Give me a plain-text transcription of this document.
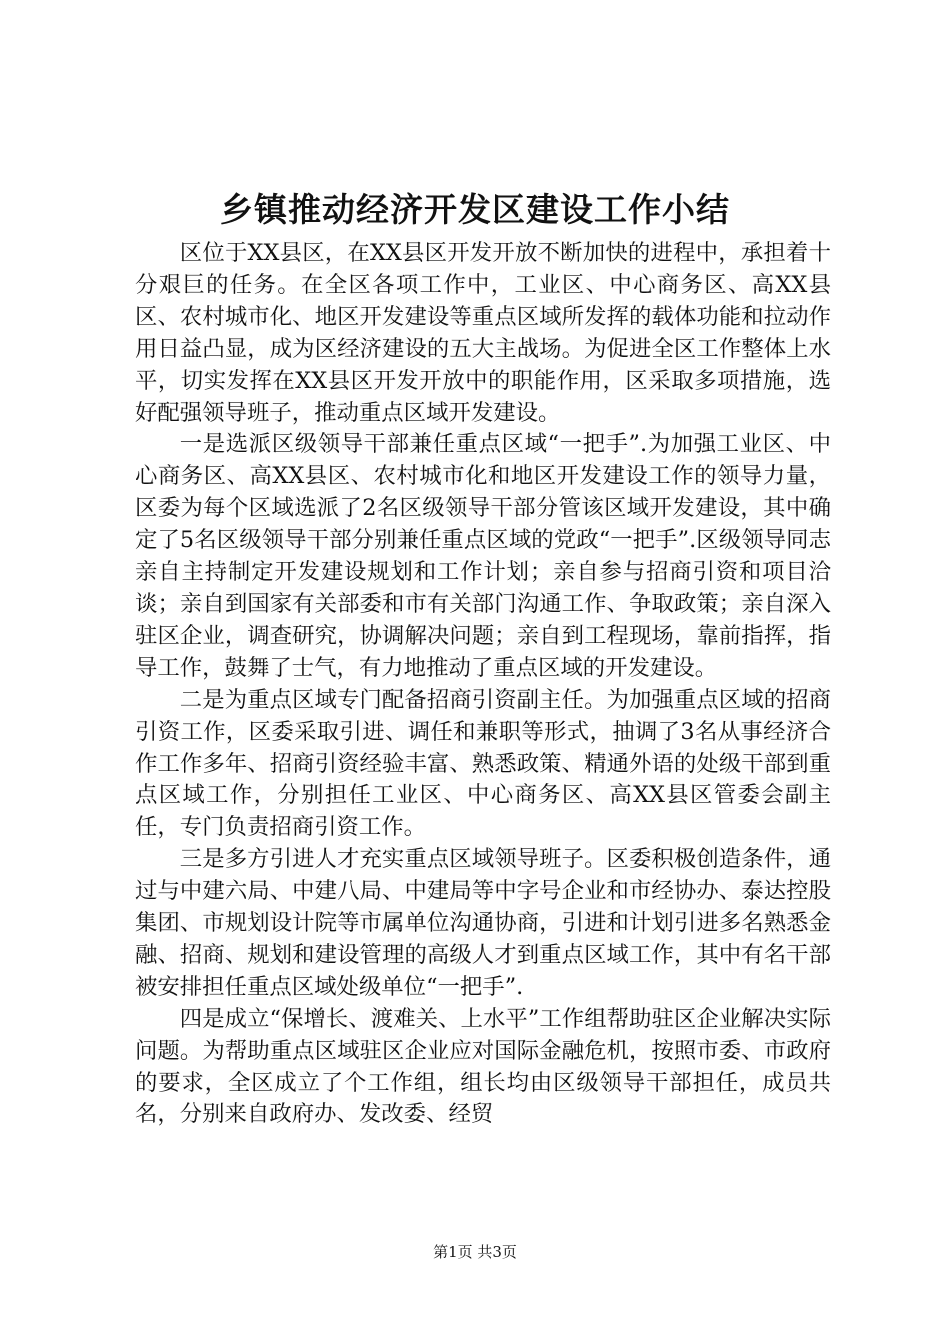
乡镇推动经济开发区建设工作小结

区位于XX县区，在XX县区开发开放不断加快的进程中，承担着十分艰巨的任务。在全区各项工作中，工业区、中心商务区、高XX县区、农村城市化、地区开发建设等重点区域所发挥的载体功能和拉动作用日益凸显，成为区经济建设的五大主战场。为促进全区工作整体上水平，切实发挥在XX县区开发开放中的职能作用，区采取多项措施，选好配强领导班子，推动重点区域开发建设。

一是选派区级领导干部兼任重点区域“一把手”.为加强工业区、中心商务区、高XX县区、农村城市化和地区开发建设工作的领导力量，区委为每个区域选派了2名区级领导干部分管该区域开发建设，其中确定了5名区级领导干部分别兼任重点区域的党政“一把手”.区级领导同志亲自主持制定开发建设规划和工作计划；亲自参与招商引资和项目洽谈；亲自到国家有关部委和市有关部门沟通工作、争取政策；亲自深入驻区企业，调查研究，协调解决问题；亲自到工程现场，靠前指挥，指导工作，鼓舞了士气，有力地推动了重点区域的开发建设。

二是为重点区域专门配备招商引资副主任。为加强重点区域的招商引资工作，区委采取引进、调任和兼职等形式，抽调了3名从事经济合作工作多年、招商引资经验丰富、熟悉政策、精通外语的处级干部到重点区域工作，分别担任工业区、中心商务区、高XX县区管委会副主任，专门负责招商引资工作。

三是多方引进人才充实重点区域领导班子。区委积极创造条件，通过与中建六局、中建八局、中建局等中字号企业和市经协办、泰达控股集团、市规划设计院等市属单位沟通协商，引进和计划引进多名熟悉金融、招商、规划和建设管理的高级人才到重点区域工作，其中有名干部被安排担任重点区域处级单位“一把手”.

四是成立“保增长、渡难关、上水平”工作组帮助驻区企业解决实际问题。为帮助重点区域驻区企业应对国际金融危机，按照市委、市政府的要求，全区成立了个工作组，组长均由区级领导干部担任，成员共名，分别来自政府办、发改委、经贸

第1页 共3页
